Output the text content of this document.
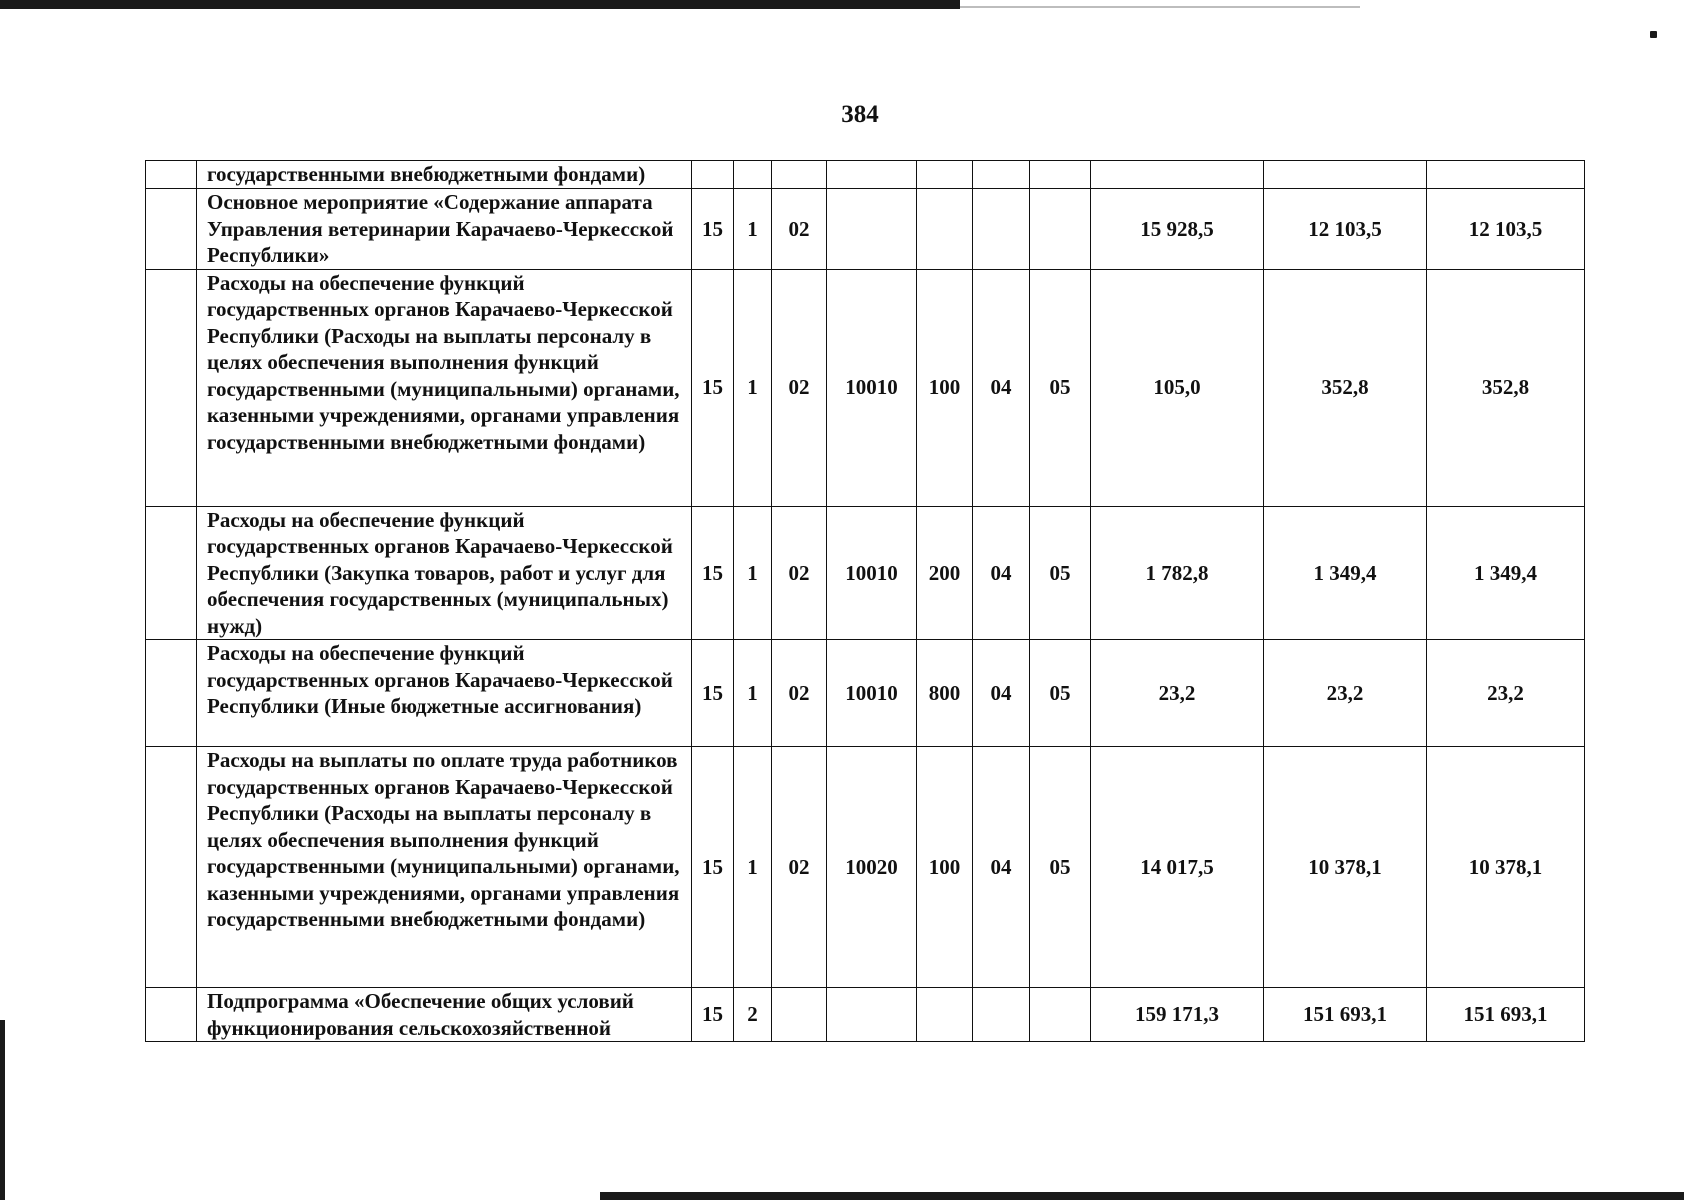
384
	государственными внебюджетными фондами)										
	Основное мероприятие «Содержание аппарата Управления ветеринарии Карачаево-Черкесской Республики»	15	1	02					15 928,5	12 103,5	12 103,5
	Расходы на обеспечение функций государственных органов Карачаево-Черкесской Республики (Расходы на выплаты персоналу в целях обеспечения выполнения функций государственными (муниципальными) органами, казенными учреждениями, органами управления государственными внебюджетными фондами)	15	1	02	10010	100	04	05	105,0	352,8	352,8
	Расходы на обеспечение функций государственных органов Карачаево-Черкесской Республики (Закупка товаров, работ и услуг для обеспечения государственных (муниципальных) нужд)	15	1	02	10010	200	04	05	1 782,8	1 349,4	1 349,4
	Расходы на обеспечение функций государственных органов Карачаево-Черкесской Республики (Иные бюджетные ассигнования)	15	1	02	10010	800	04	05	23,2	23,2	23,2
	Расходы на выплаты по оплате труда работников государственных органов Карачаево-Черкесской Республики (Расходы на выплаты персоналу в целях обеспечения выполнения функций государственными (муниципальными) органами, казенными учреждениями, органами управления государственными внебюджетными фондами)	15	1	02	10020	100	04	05	14 017,5	10 378,1	10 378,1
	Подпрограмма «Обеспечение общих условий функционирования сельскохозяйственной	15	2						159 171,3	151 693,1	151 693,1
